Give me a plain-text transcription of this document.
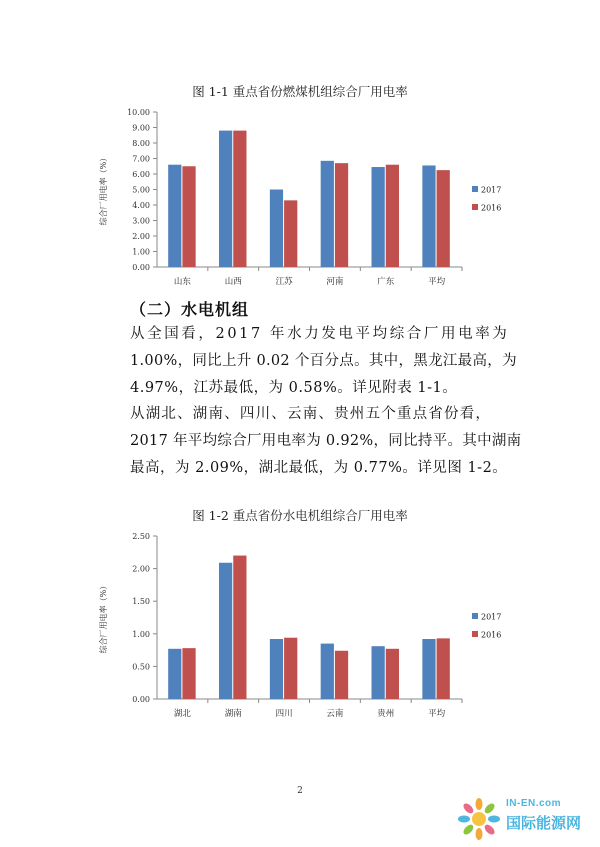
图 1-1 重点省份燃煤机组综合厂用电率
0.00
1.00
2.00
3.00
4.00
5.00
6.00
7.00
8.00
9.00
10.00
综合厂用电率（%）
山东	山西	江苏	河南	广东	平均
2017
2016
（二）水电机组
从全国看，2017 年水力发电平均综合厂用电率为
1.00%，同比上升 0.02 个百分点。其中，黑龙江最高，为
4.97%，江苏最低，为 0.58%。详见附表 1-1。
从湖北、湖南、四川、云南、贵州五个重点省份看，
2017 年平均综合厂用电率为 0.92%，同比持平。其中湖南
最高，为 2.09%，湖北最低，为 0.77%。详见图 1-2。
图 1-2 重点省份水电机组综合厂用电率
0.00
0.50
1.00
1.50
2.00
2.50
综合厂用电率（%）
湖北	湖南	四川	云南	贵州	平均
2017
2016
2
IN-EN.com
国际能源网
